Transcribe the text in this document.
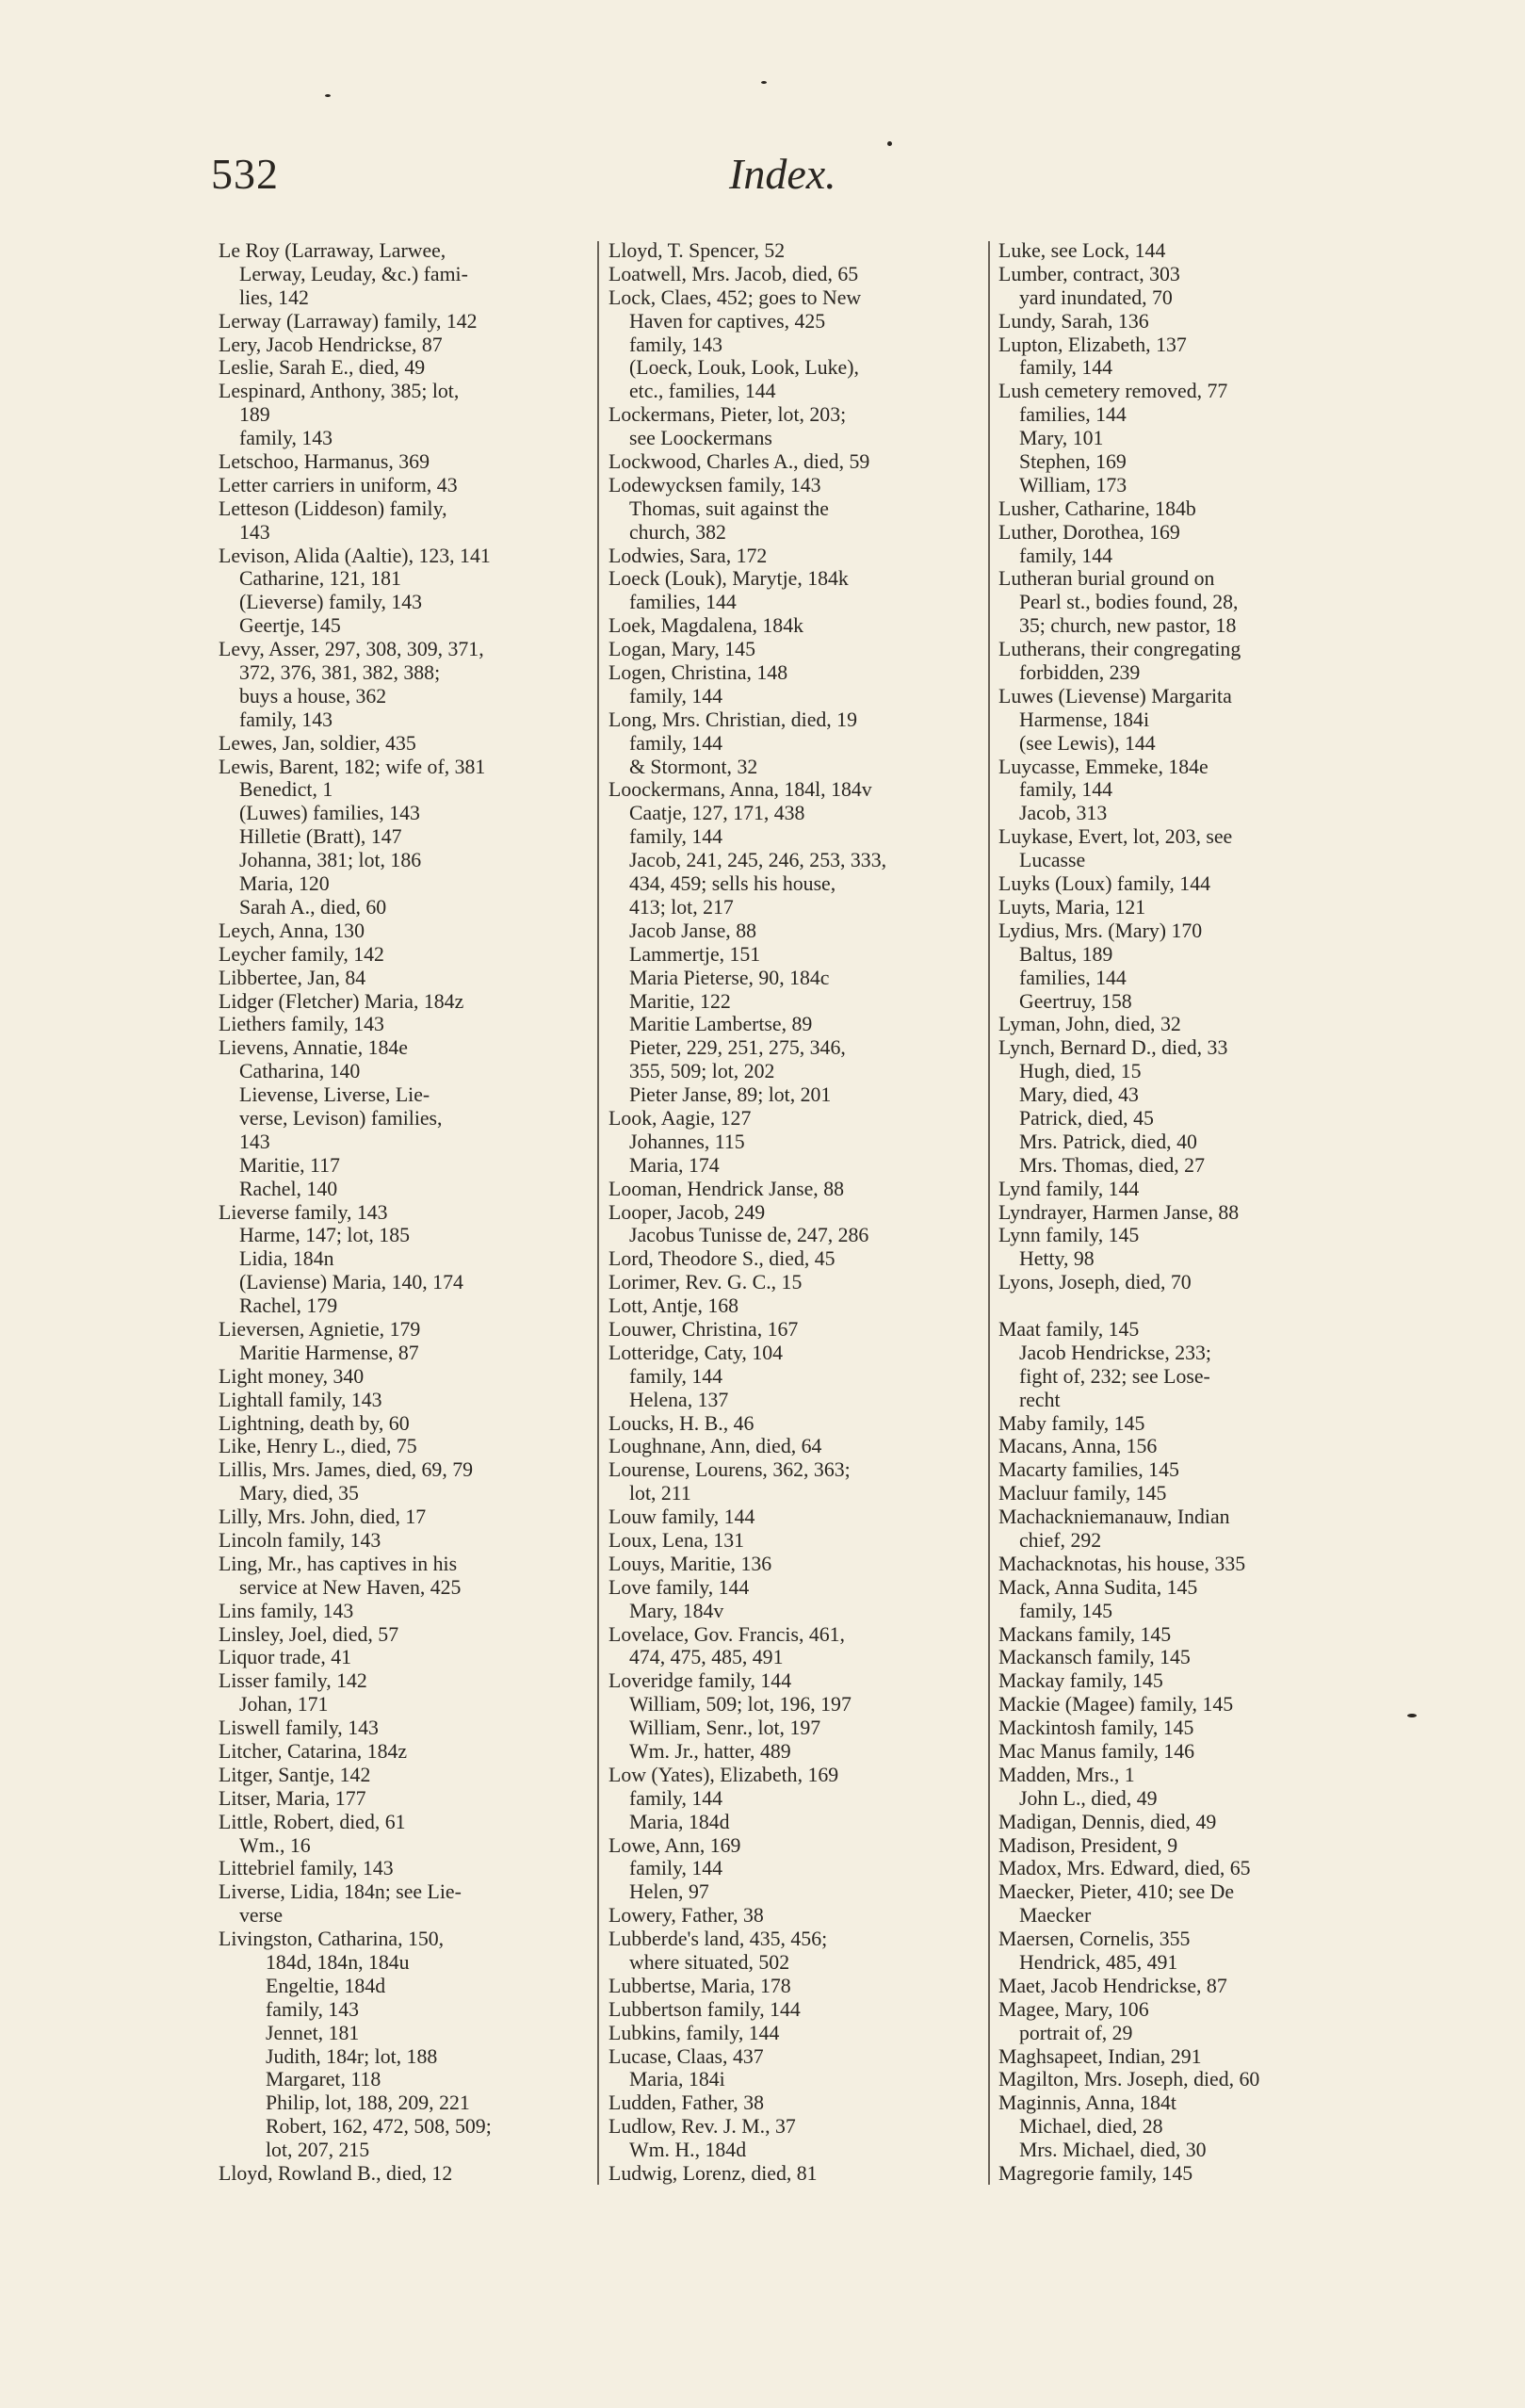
532	Index.
Le Roy (Larraway, Larwee,
Lerway, Leuday, &c.) fami-
lies, 142
Lerway (Larraway) family, 142
Lery, Jacob Hendrickse, 87
Leslie, Sarah E., died, 49
Lespinard, Anthony, 385; lot,
189
family, 143
Letschoo, Harmanus, 369
Letter carriers in uniform, 43
Letteson (Liddeson) family,
143
Levison, Alida (Aaltie), 123, 141
Catharine, 121, 181
(Lieverse) family, 143
Geertje, 145
Levy, Asser, 297, 308, 309, 371,
372, 376, 381, 382, 388;
buys a house, 362
family, 143
Lewes, Jan, soldier, 435
Lewis, Barent, 182; wife of, 381
Benedict, 1
(Luwes) families, 143
Hilletie (Bratt), 147
Johanna, 381; lot, 186
Maria, 120
Sarah A., died, 60
Leych, Anna, 130
Leycher family, 142
Libbertee, Jan, 84
Lidger (Fletcher) Maria, 184z
Liethers family, 143
Lievens, Annatie, 184e
Catharina, 140
Lievense, Liverse, Lie-
verse, Levison) families,
143
Maritie, 117
Rachel, 140
Lieverse family, 143
Harme, 147; lot, 185
Lidia, 184n
(Laviense) Maria, 140, 174
Rachel, 179
Lieversen, Agnietie, 179
Maritie Harmense, 87
Light money, 340
Lightall family, 143
Lightning, death by, 60
Like, Henry L., died, 75
Lillis, Mrs. James, died, 69, 79
Mary, died, 35
Lilly, Mrs. John, died, 17
Lincoln family, 143
Ling, Mr., has captives in his
service at New Haven, 425
Lins family, 143
Linsley, Joel, died, 57
Liquor trade, 41
Lisser family, 142
Johan, 171
Liswell family, 143
Litcher, Catarina, 184z
Litger, Santje, 142
Litser, Maria, 177
Little, Robert, died, 61
Wm., 16
Littebriel family, 143
Liverse, Lidia, 184n; see Lie-
verse
Livingston, Catharina, 150,
184d, 184n, 184u
Engeltie, 184d
family, 143
Jennet, 181
Judith, 184r; lot, 188
Margaret, 118
Philip, lot, 188, 209, 221
Robert, 162, 472, 508, 509;
lot, 207, 215
Lloyd, Rowland B., died, 12
Lloyd, T. Spencer, 52
Loatwell, Mrs. Jacob, died, 65
Lock, Claes, 452; goes to New
Haven for captives, 425
family, 143
(Loeck, Louk, Look, Luke),
etc., families, 144
Lockermans, Pieter, lot, 203;
see Loockermans
Lockwood, Charles A., died, 59
Lodewycksen family, 143
Thomas, suit against the
church, 382
Lodwies, Sara, 172
Loeck (Louk), Marytje, 184k
families, 144
Loek, Magdalena, 184k
Logan, Mary, 145
Logen, Christina, 148
family, 144
Long, Mrs. Christian, died, 19
family, 144
& Stormont, 32
Loockermans, Anna, 184l, 184v
Caatje, 127, 171, 438
family, 144
Jacob, 241, 245, 246, 253, 333,
434, 459; sells his house,
413; lot, 217
Jacob Janse, 88
Lammertje, 151
Maria Pieterse, 90, 184c
Maritie, 122
Maritie Lambertse, 89
Pieter, 229, 251, 275, 346,
355, 509; lot, 202
Pieter Janse, 89; lot, 201
Look, Aagie, 127
Johannes, 115
Maria, 174
Looman, Hendrick Janse, 88
Looper, Jacob, 249
Jacobus Tunisse de, 247, 286
Lord, Theodore S., died, 45
Lorimer, Rev. G. C., 15
Lott, Antje, 168
Louwer, Christina, 167
Lotteridge, Caty, 104
family, 144
Helena, 137
Loucks, H. B., 46
Loughnane, Ann, died, 64
Lourense, Lourens, 362, 363;
lot, 211
Louw family, 144
Loux, Lena, 131
Louys, Maritie, 136
Love family, 144
Mary, 184v
Lovelace, Gov. Francis, 461,
474, 475, 485, 491
Loveridge family, 144
William, 509; lot, 196, 197
William, Senr., lot, 197
Wm. Jr., hatter, 489
Low (Yates), Elizabeth, 169
family, 144
Maria, 184d
Lowe, Ann, 169
family, 144
Helen, 97
Lowery, Father, 38
Lubberde's land, 435, 456;
where situated, 502
Lubbertse, Maria, 178
Lubbertson family, 144
Lubkins, family, 144
Lucase, Claas, 437
Maria, 184i
Ludden, Father, 38
Ludlow, Rev. J. M., 37
Wm. H., 184d
Ludwig, Lorenz, died, 81
Luke, see Lock, 144
Lumber, contract, 303
yard inundated, 70
Lundy, Sarah, 136
Lupton, Elizabeth, 137
family, 144
Lush cemetery removed, 77
families, 144
Mary, 101
Stephen, 169
William, 173
Lusher, Catharine, 184b
Luther, Dorothea, 169
family, 144
Lutheran burial ground on
Pearl st., bodies found, 28,
35; church, new pastor, 18
Lutherans, their congregating
forbidden, 239
Luwes (Lievense) Margarita
Harmense, 184i
(see Lewis), 144
Luycasse, Emmeke, 184e
family, 144
Jacob, 313
Luykase, Evert, lot, 203, see
Lucasse
Luyks (Loux) family, 144
Luyts, Maria, 121
Lydius, Mrs. (Mary) 170
Baltus, 189
families, 144
Geertruy, 158
Lyman, John, died, 32
Lynch, Bernard D., died, 33
Hugh, died, 15
Mary, died, 43
Patrick, died, 45
Mrs. Patrick, died, 40
Mrs. Thomas, died, 27
Lynd family, 144
Lyndrayer, Harmen Janse, 88
Lynn family, 145
Hetty, 98
Lyons, Joseph, died, 70
Maat family, 145
Jacob Hendrickse, 233;
fight of, 232; see Lose-
recht
Maby family, 145
Macans, Anna, 156
Macarty families, 145
Macluur family, 145
Machackniemanauw, Indian
chief, 292
Machacknotas, his house, 335
Mack, Anna Sudita, 145
family, 145
Mackans family, 145
Mackansch family, 145
Mackay family, 145
Mackie (Magee) family, 145
Mackintosh family, 145
Mac Manus family, 146
Madden, Mrs., 1
John L., died, 49
Madigan, Dennis, died, 49
Madison, President, 9
Madox, Mrs. Edward, died, 65
Maecker, Pieter, 410; see De
Maecker
Maersen, Cornelis, 355
Hendrick, 485, 491
Maet, Jacob Hendrickse, 87
Magee, Mary, 106
portrait of, 29
Maghsapeet, Indian, 291
Magilton, Mrs. Joseph, died, 60
Maginnis, Anna, 184t
Michael, died, 28
Mrs. Michael, died, 30
Magregorie family, 145
